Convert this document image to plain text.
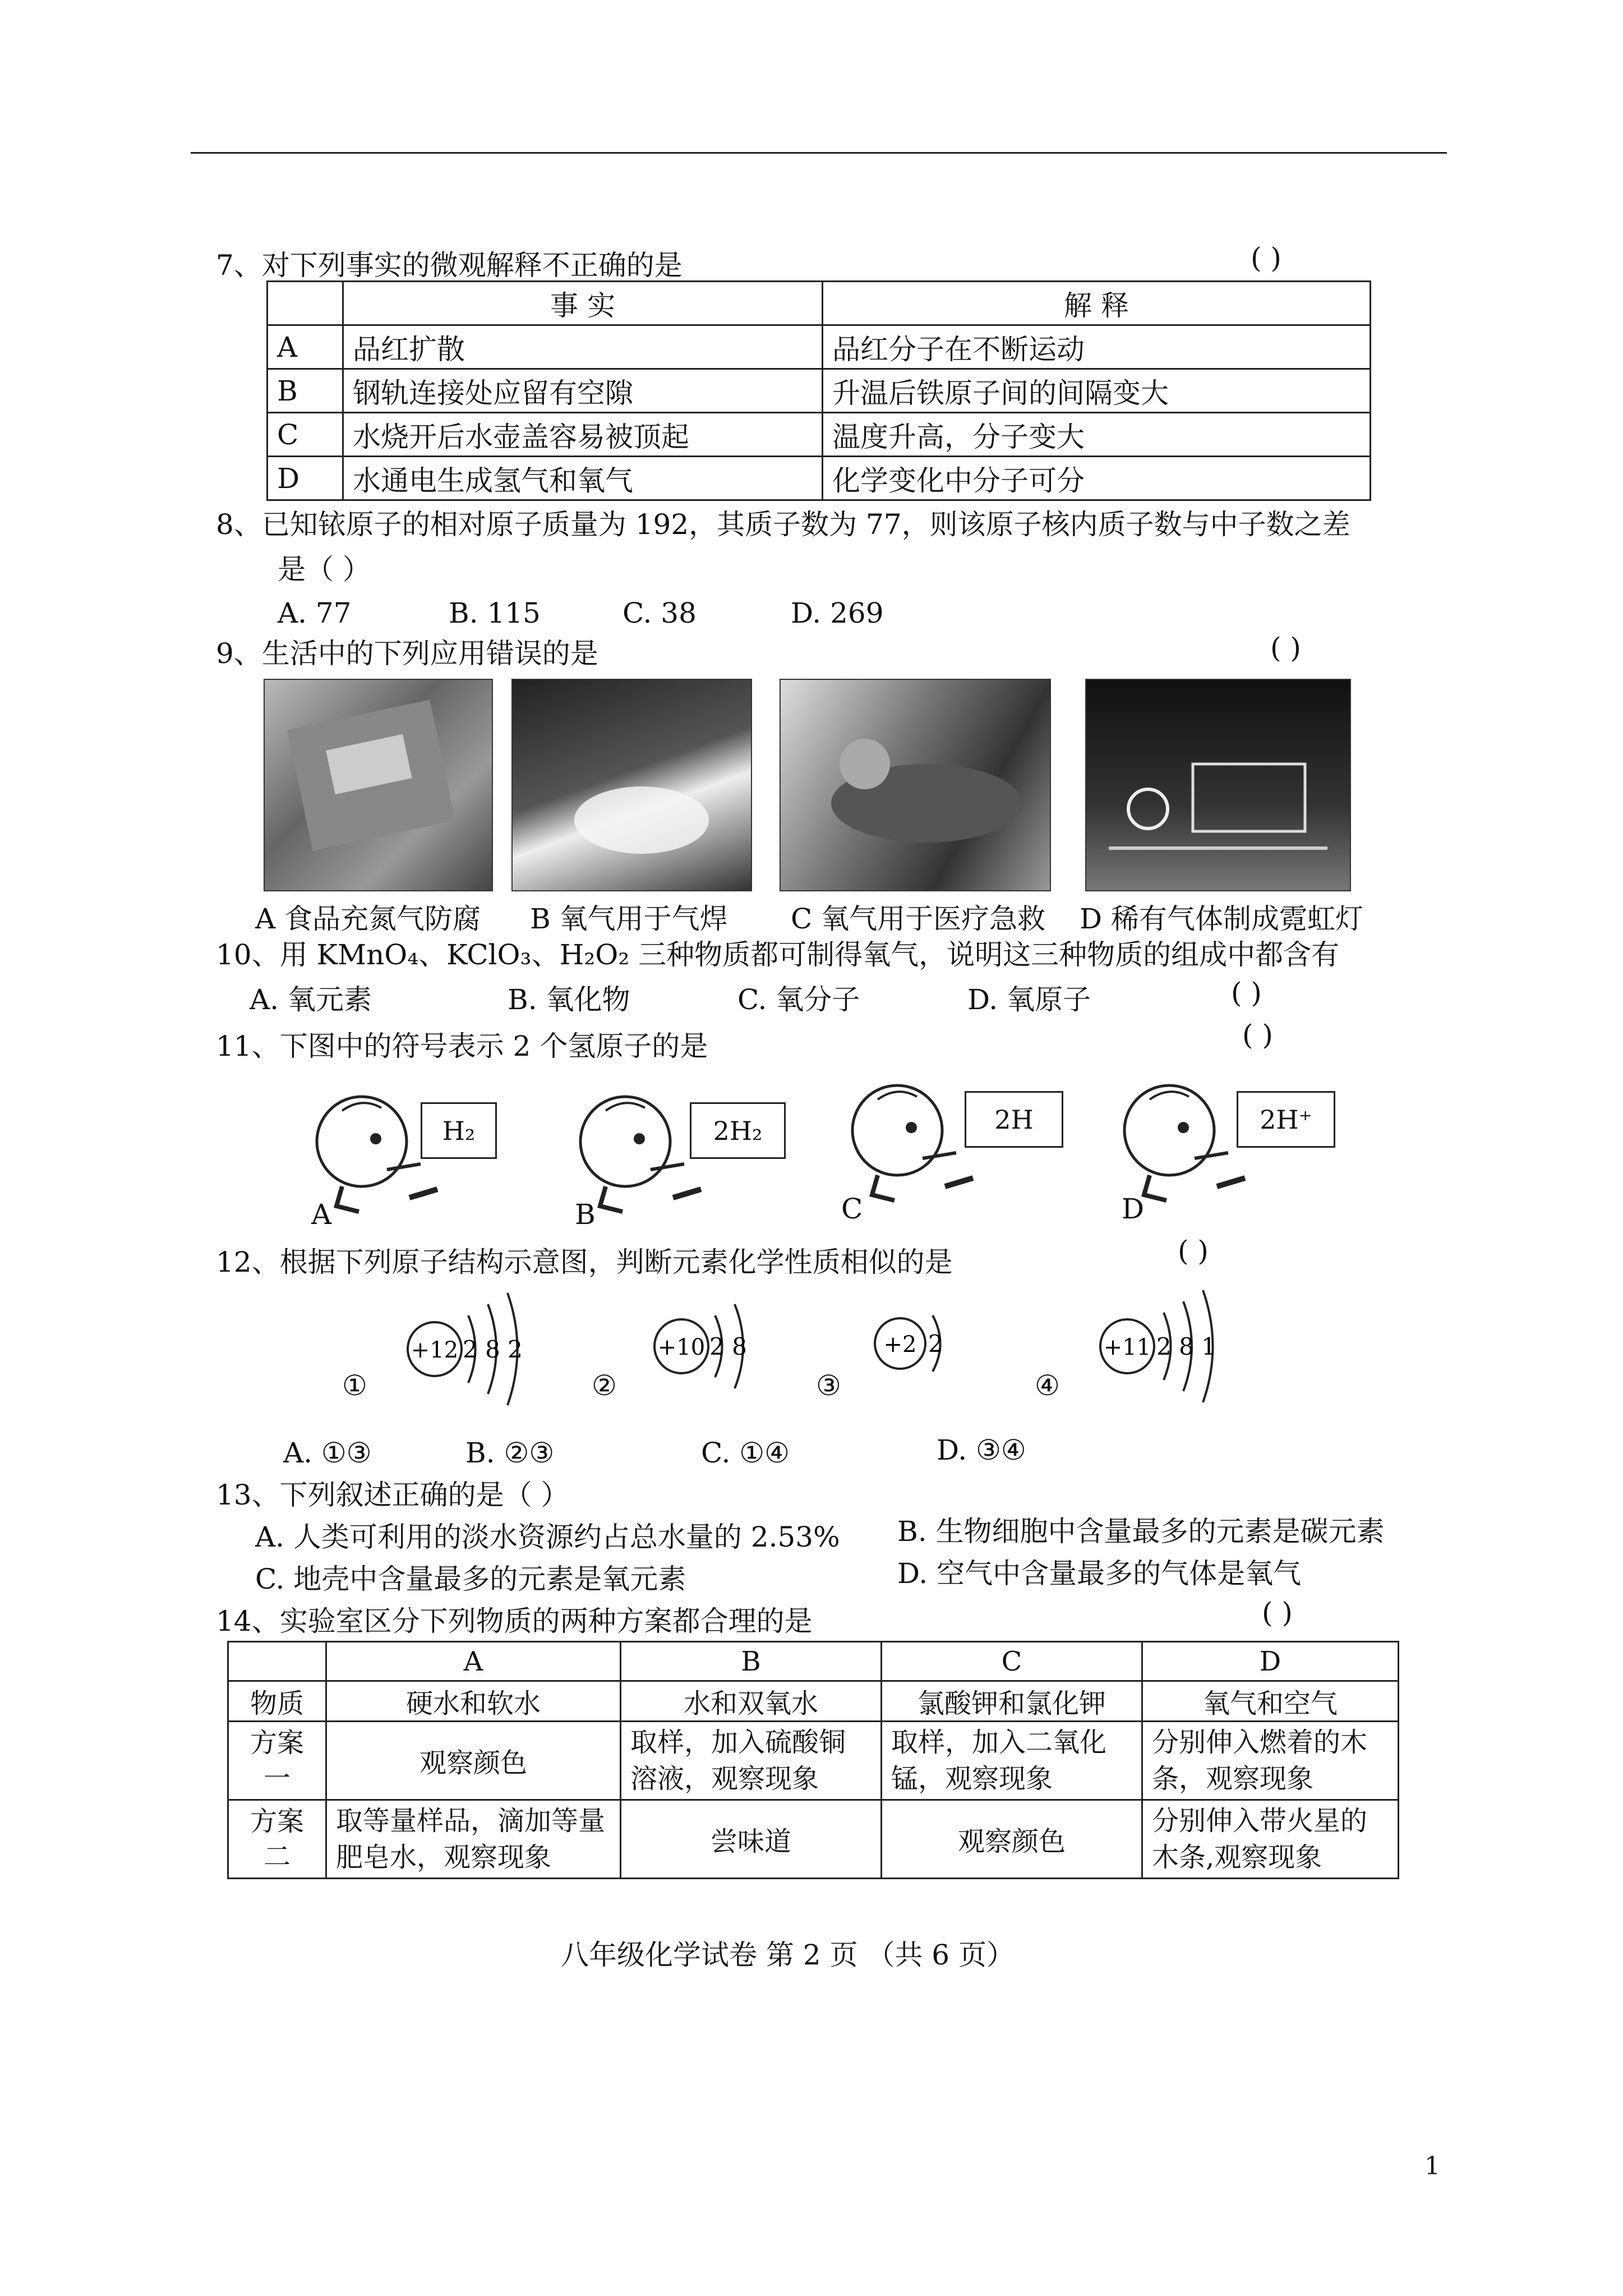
7、对下列事实的微观解释不正确的是	( )
	事 实	解 释
A	品红扩散	品红分子在不断运动
B	钢轨连接处应留有空隙	升温后铁原子间的间隔变大
C	水烧开后水壶盖容易被顶起	温度升高，分子变大
D	水通电生成氢气和氧气	化学变化中分子可分
8、已知铱原子的相对原子质量为 192，其质子数为 77，则该原子核内质子数与中子数之差
是（ ）
A. 77	B. 115	C. 38	D. 269
9、生活中的下列应用错误的是	( )
A 食品充氮气防腐 B 氧气用于气焊 C 氧气用于医疗急救 D 稀有气体制成霓虹灯
10、用 KMnO₄、KClO₃、H₂O₂ 三种物质都可制得氧气，说明这三种物质的组成中都含有
A. 氧元素	B. 氧化物	C. 氧分子	D. 氧原子	( )
11、下图中的符号表示 2 个氢原子的是	( )
H₂
A
2H₂
B
2H
C
2H⁺
D
12、根据下列原子结构示意图，判断元素化学性质相似的是	( )
+12 2 8 2
①
+10 2 8
②
+2 2
③
+11 2 8 1
④
A. ①③	B. ②③	C. ①④	D. ③④
13、下列叙述正确的是（ ）
A. 人类可利用的淡水资源约占总水量的 2.53% B. 生物细胞中含量最多的元素是碳元素
C. 地壳中含量最多的元素是氧元素	D. 空气中含量最多的气体是氧气
14、实验室区分下列物质的两种方案都合理的是	( )
	A	B	C	D
物质	硬水和软水	水和双氧水	氯酸钾和氯化钾	氧气和空气
方案一	观察颜色	取样，加入硫酸铜溶液，观察现象	取样，加入二氧化锰，观察现象	分别伸入燃着的木条，观察现象
方案二	取等量样品，滴加等量肥皂水，观察现象	尝味道	观察颜色	分别伸入带火星的木条,观察现象
八年级化学试卷 第 2 页 （共 6 页）
1
